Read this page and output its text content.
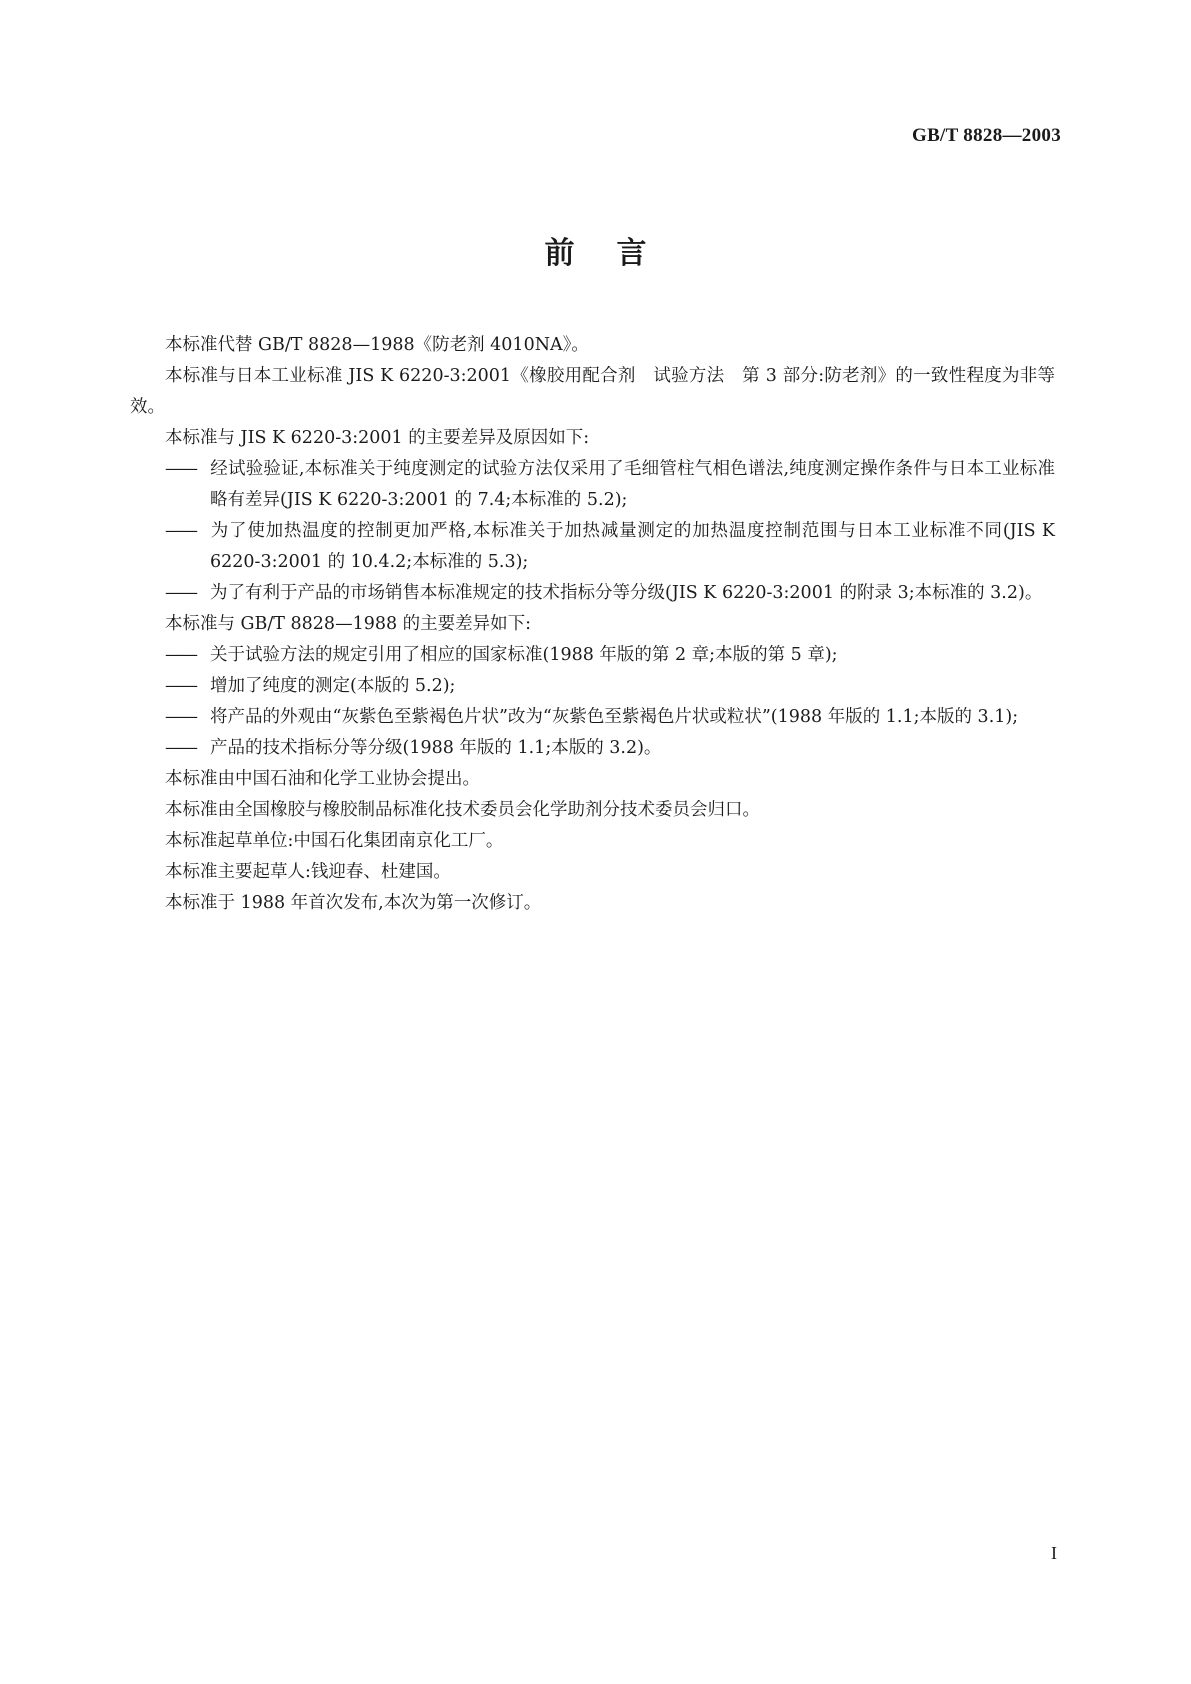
GB/T 8828—2003
前言

本标准代替 GB/T 8828—1988《防老剂 4010NA》。

本标准与日本工业标准 JIS K 6220-3:2001《橡胶用配合剂　试验方法　第 3 部分:防老剂》的一致性程度为非等效。

本标准与 JIS K 6220-3:2001 的主要差异及原因如下:

—— 经试验验证,本标准关于纯度测定的试验方法仅采用了毛细管柱气相色谱法,纯度测定操作条件与日本工业标准略有差异(JIS K 6220-3:2001 的 7.4;本标准的 5.2);

—— 为了使加热温度的控制更加严格,本标准关于加热减量测定的加热温度控制范围与日本工业标准不同(JIS K 6220-3:2001 的 10.4.2;本标准的 5.3);

—— 为了有利于产品的市场销售本标准规定的技术指标分等分级(JIS K 6220-3:2001 的附录 3;本标准的 3.2)。

本标准与 GB/T 8828—1988 的主要差异如下:

—— 关于试验方法的规定引用了相应的国家标准(1988 年版的第 2 章;本版的第 5 章);

—— 增加了纯度的测定(本版的 5.2);

—— 将产品的外观由“灰紫色至紫褐色片状”改为“灰紫色至紫褐色片状或粒状”(1988 年版的 1.1;本版的 3.1);

—— 产品的技术指标分等分级(1988 年版的 1.1;本版的 3.2)。

本标准由中国石油和化学工业协会提出。

本标准由全国橡胶与橡胶制品标准化技术委员会化学助剂分技术委员会归口。

本标准起草单位:中国石化集团南京化工厂。

本标准主要起草人:钱迎春、杜建国。

本标准于 1988 年首次发布,本次为第一次修订。

I
